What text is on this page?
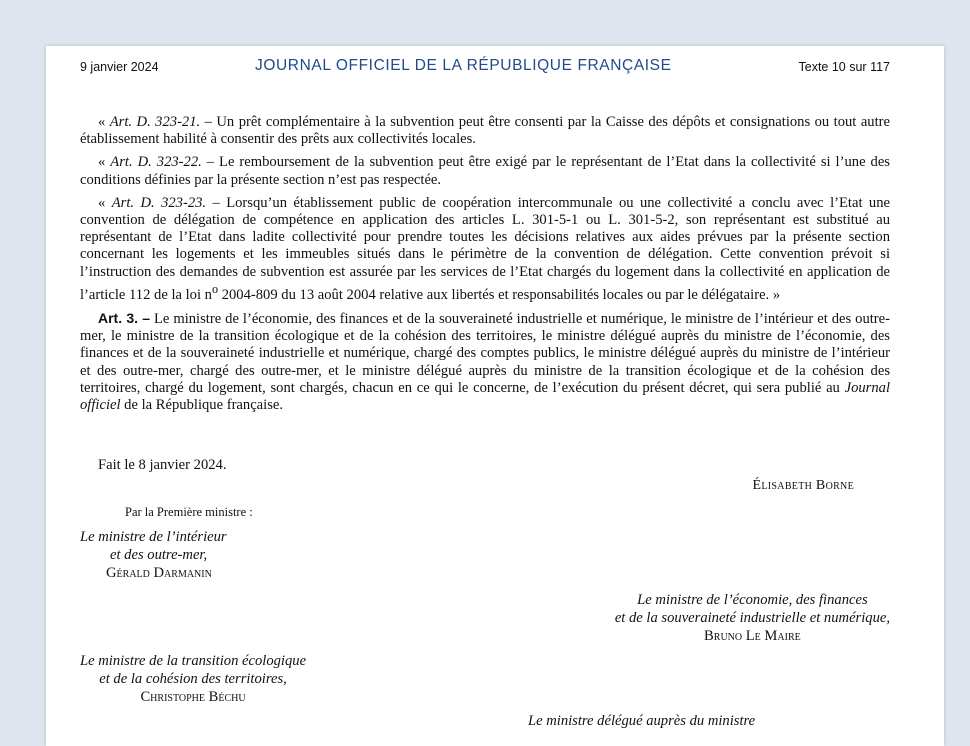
9 janvier 2024	JOURNAL OFFICIEL DE LA RÉPUBLIQUE FRANÇAISE	Texte 10 sur 117

« Art. D. 323-21. – Un prêt complémentaire à la subvention peut être consenti par la Caisse des dépôts et consignations ou tout autre établissement habilité à consentir des prêts aux collectivités locales.

« Art. D. 323-22. – Le remboursement de la subvention peut être exigé par le représentant de l’Etat dans la collectivité si l’une des conditions définies par la présente section n’est pas respectée.

« Art. D. 323-23. – Lorsqu’un établissement public de coopération intercommunale ou une collectivité a conclu avec l’Etat une convention de délégation de compétence en application des articles L. 301-5-1 ou L. 301-5-2, son représentant est substitué au représentant de l’Etat dans ladite collectivité pour prendre toutes les décisions relatives aux aides prévues par la présente section concernant les logements et les immeubles situés dans le périmètre de la convention de délégation. Cette convention prévoit si l’instruction des demandes de subvention est assurée par les services de l’Etat chargés du logement dans la collectivité en application de l’article 112 de la loi $n^o$ 2004-809 du 13 août 2004 relative aux libertés et responsabilités locales ou par le délégataire. »

Art. 3. – Le ministre de l’économie, des finances et de la souveraineté industrielle et numérique, le ministre de l’intérieur et des outre-mer, le ministre de la transition écologique et de la cohésion des territoires, le ministre délégué auprès du ministre de l’économie, des finances et de la souveraineté industrielle et numérique, chargé des comptes publics, le ministre délégué auprès du ministre de l’intérieur et des outre-mer, chargé des outre-mer, et le ministre délégué auprès du ministre de la transition écologique et de la cohésion des territoires, chargé du logement, sont chargés, chacun en ce qui le concerne, de l’exécution du présent décret, qui sera publié au Journal officiel de la République française.

Fait le 8 janvier 2024.
Élisabeth Borne
Par la Première ministre :
Le ministre de l’intérieur
et des outre-mer,
Gérald Darmanin
Le ministre de l’économie, des finances
et de la souveraineté industrielle et numérique,
Bruno Le Maire
Le ministre de la transition écologique
et de la cohésion des territoires,
Christophe Béchu
Le ministre délégué auprès du ministre
